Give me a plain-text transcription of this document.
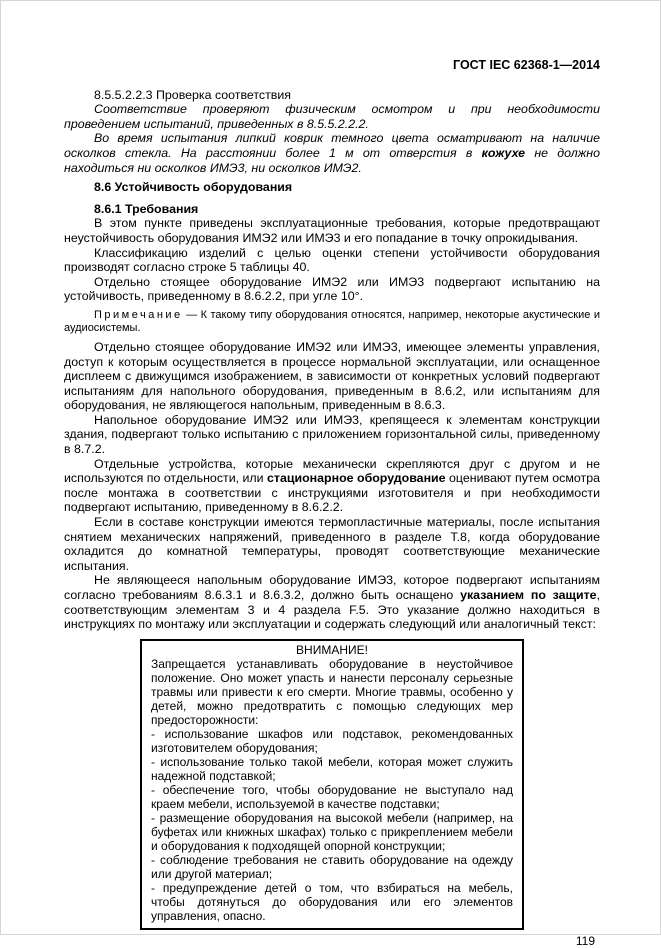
ГОСТ IEC 62368-1—2014

8.5.5.2.2.3 Проверка соответствия

Соответствие проверяют физическим осмотром и при необходимости проведением испытаний, приведенных в 8.5.5.2.2.2.

Во время испытания липкий коврик темного цвета осматривают на наличие осколков стекла. На расстоянии более 1 м от отверстия в кожухе не должно находиться ни осколков ИМЭ3, ни осколков ИМЭ2.

8.6 Устойчивость оборудования

8.6.1 Требования

В этом пункте приведены эксплуатационные требования, которые предотвращают неустойчивость оборудования ИМЭ2 или ИМЭ3 и его попадание в точку опрокидывания.

Классификацию изделий с целью оценки степени устойчивости оборудования производят согласно строке 5 таблицы 40.

Отдельно стоящее оборудование ИМЭ2 или ИМЭ3 подвергают испытанию на устойчивость, приведенному в 8.6.2.2, при угле 10°.

Примечание — К такому типу оборудования относятся, например, некоторые акустические и аудиосистемы.

Отдельно стоящее оборудование ИМЭ2 или ИМЭ3, имеющее элементы управления, доступ к которым осуществляется в процессе нормальной эксплуатации, или оснащенное дисплеем с движущимся изображением, в зависимости от конкретных условий подвергают испытаниям для напольного оборудования, приведенным в 8.6.2, или испытаниям для оборудования, не являющегося напольным, приведенным в 8.6.3.

Напольное оборудование ИМЭ2 или ИМЭ3, крепящееся к элементам конструкции здания, подвергают только испытанию с приложением горизонтальной силы, приведенному в 8.7.2.

Отдельные устройства, которые механически скрепляются друг с другом и не используются по отдельности, или стационарное оборудование оценивают путем осмотра после монтажа в соответствии с инструкциями изготовителя и при необходимости подвергают испытанию, приведенному в 8.6.2.2.

Если в составе конструкции имеются термопластичные материалы, после испытания снятием механических напряжений, приведенного в разделе Т.8, когда оборудование охладится до комнатной температуры, проводят соответствующие механические испытания.

Не являющееся напольным оборудование ИМЭ3, которое подвергают испытаниям согласно требованиям 8.6.3.1 и 8.6.3.2, должно быть оснащено указанием по защите, соответствующим элементам 3 и 4 раздела F.5. Это указание должно находиться в инструкциях по монтажу или эксплуатации и содержать следующий или аналогичный текст:

ВНИМАНИЕ!

Запрещается устанавливать оборудование в неустойчивое положение. Оно может упасть и нанести персоналу серьезные травмы или привести к его смерти. Многие травмы, особенно у детей, можно предотвратить с помощью следующих мер предосторожности:

- использование шкафов или подставок, рекомендованных изготовителем оборудования;

- использование только такой мебели, которая может служить надежной подставкой;

- обеспечение того, чтобы оборудование не выступало над краем мебели, используемой в качестве подставки;

- размещение оборудования на высокой мебели (например, на буфетах или книжных шкафах) только с прикреплением мебели и оборудования к подходящей опорной конструкции;

- соблюдение требования не ставить оборудование на одежду или другой материал;

- предупреждение детей о том, что взбираться на мебель, чтобы дотянуться до оборудования или его элементов управления, опасно.

119
